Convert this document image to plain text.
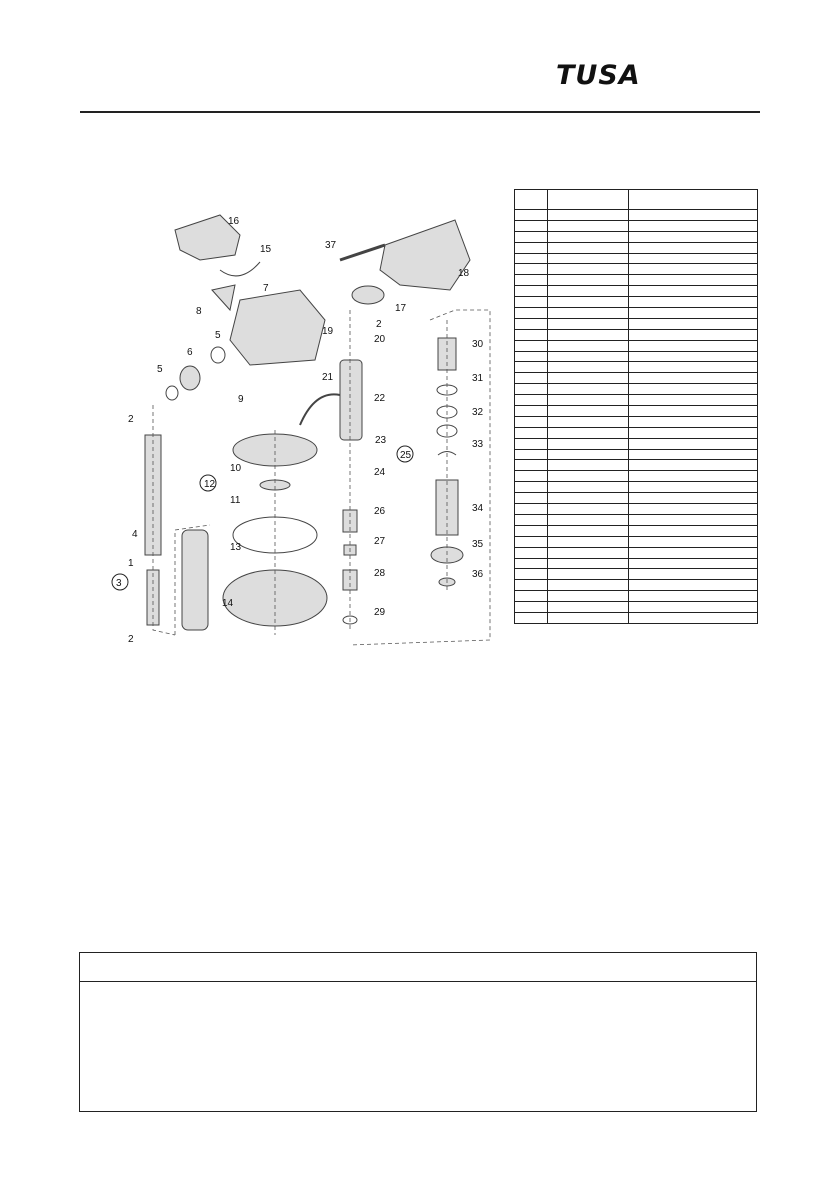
TUSA
16
15	37
18
7
8	17
5	19
2
20
6
30
5
21	31
9	22
32
2
23	33
25
10	24
12
11
34
26
4
13
27	35
1
28	36
3
14
29
2
